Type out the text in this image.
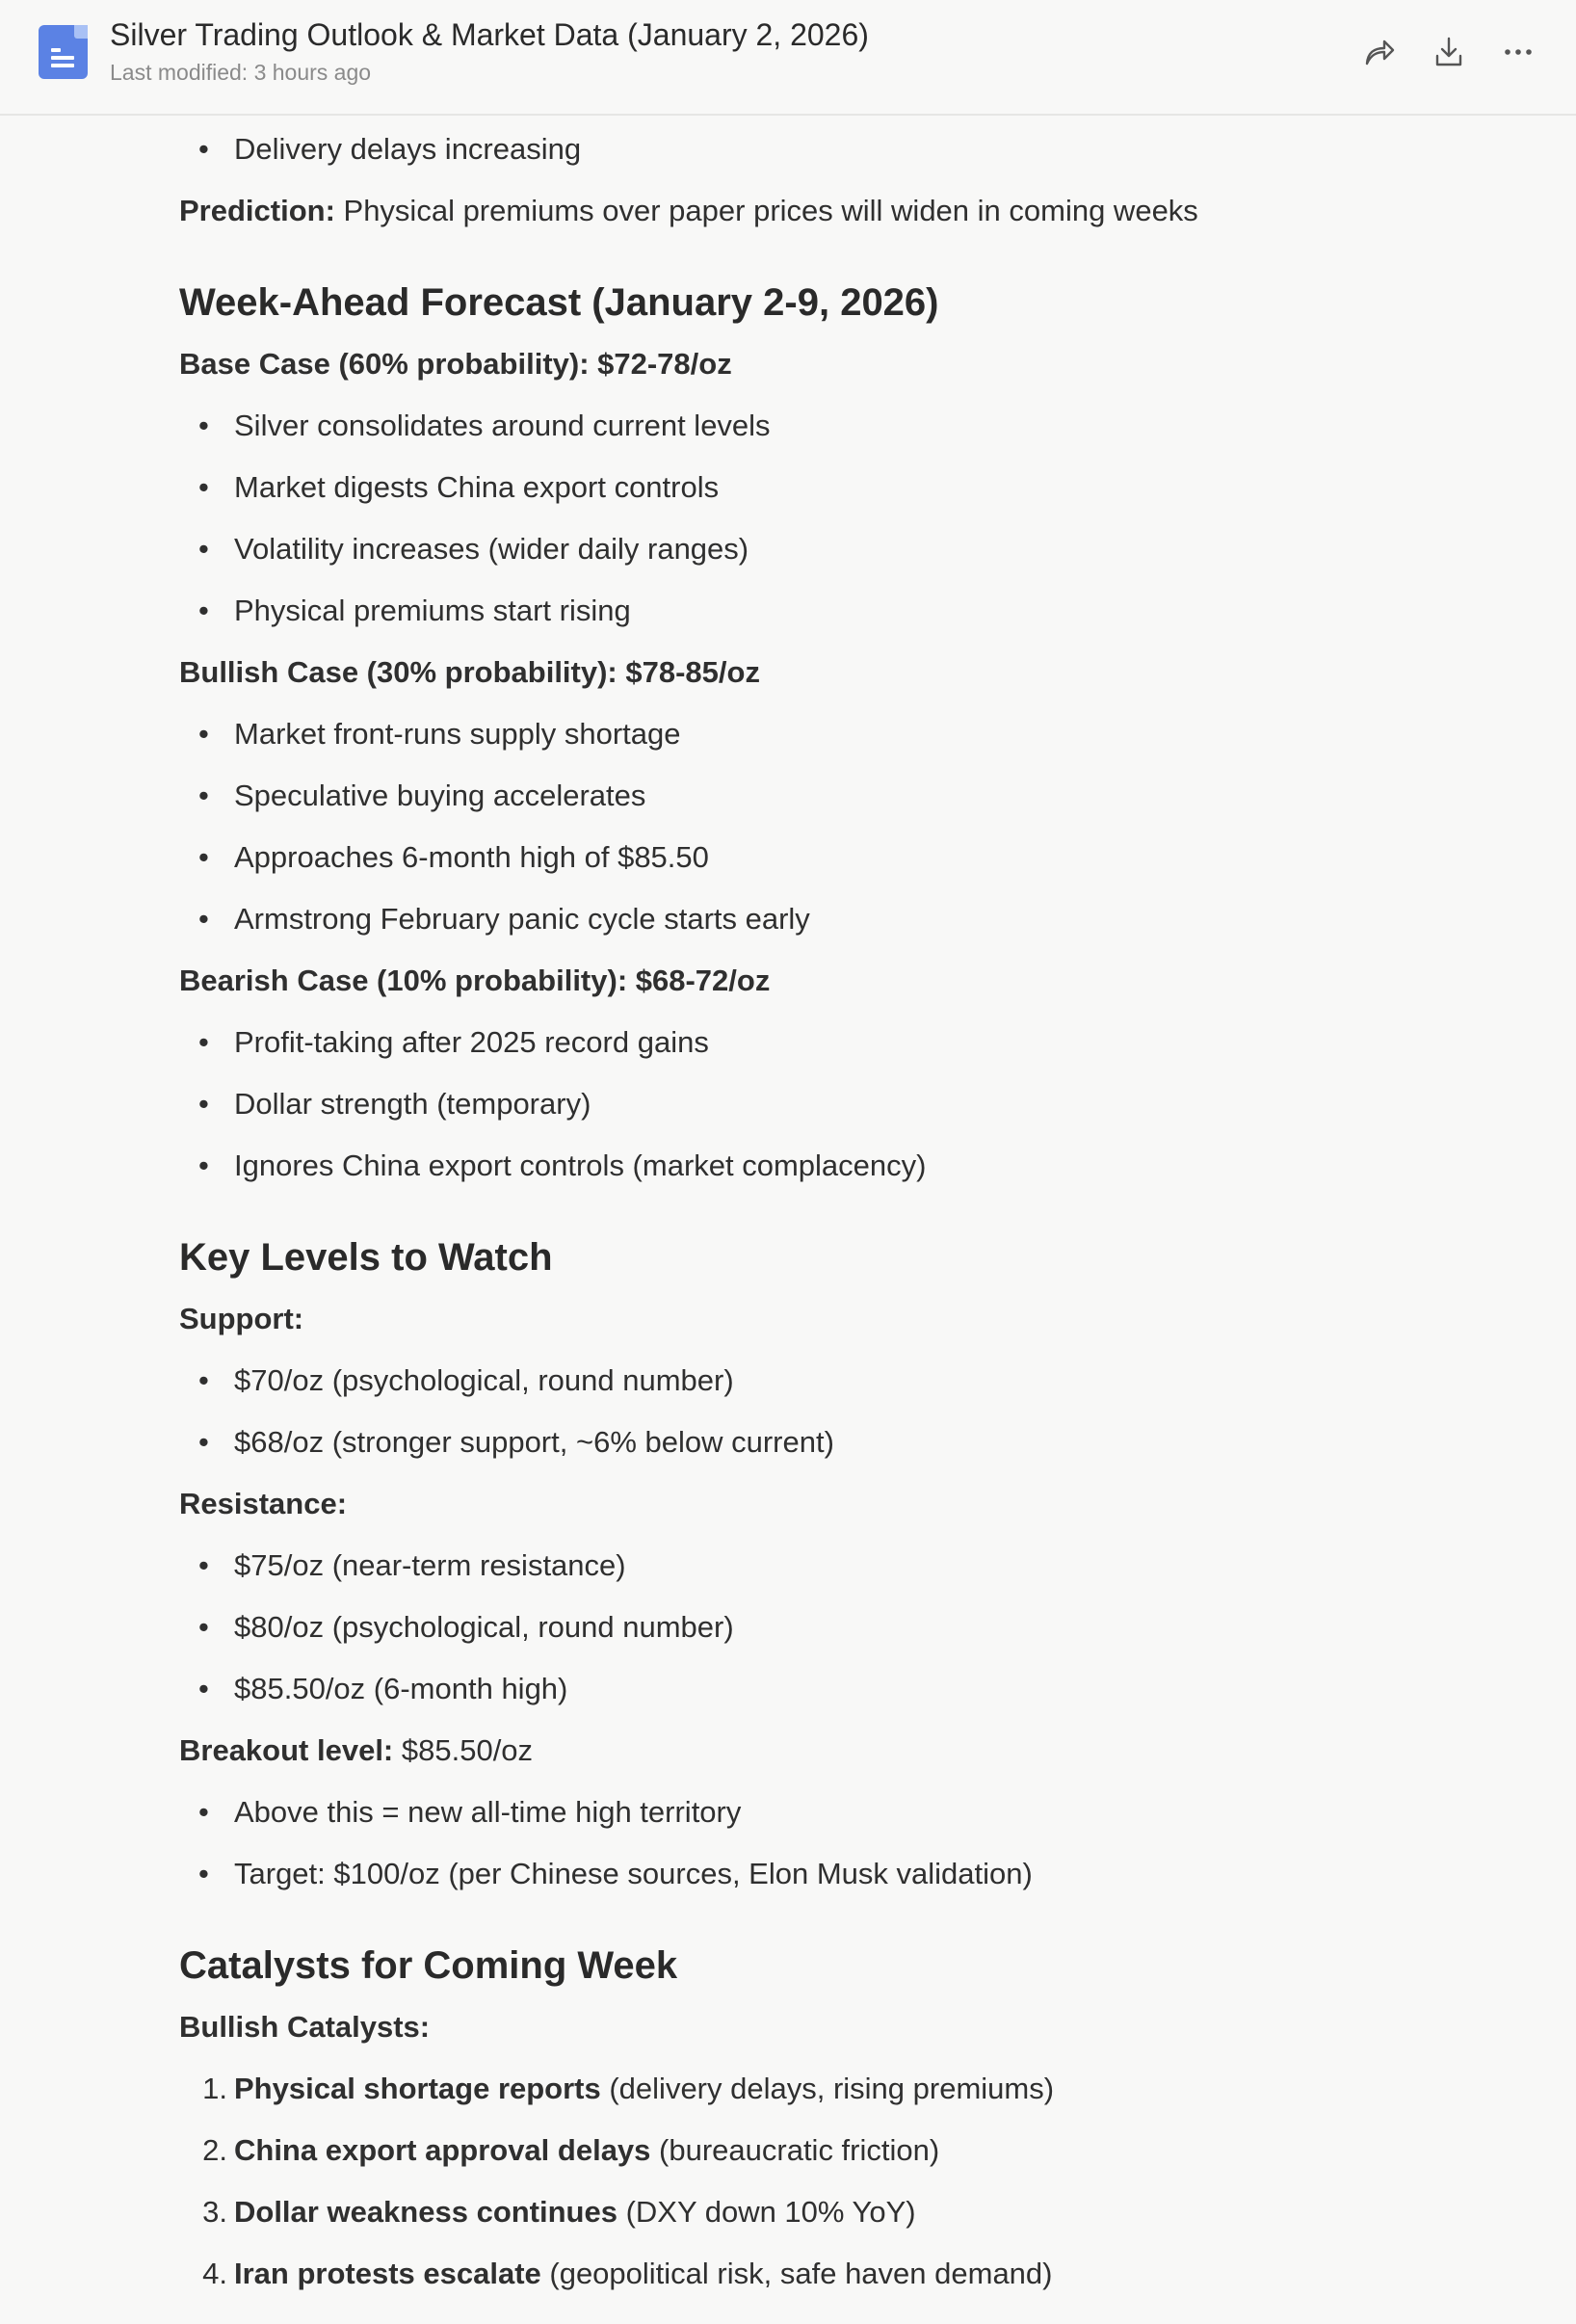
Silver Trading Outlook & Market Data (January 2, 2026)
Last modified: 3 hours ago
• Delivery delays increasing
Prediction: Physical premiums over paper prices will widen in coming weeks
Week-Ahead Forecast (January 2-9, 2026)
Base Case (60% probability): $72-78/oz
• Silver consolidates around current levels
• Market digests China export controls
• Volatility increases (wider daily ranges)
• Physical premiums start rising
Bullish Case (30% probability): $78-85/oz
• Market front-runs supply shortage
• Speculative buying accelerates
• Approaches 6-month high of $85.50
• Armstrong February panic cycle starts early
Bearish Case (10% probability): $68-72/oz
• Profit-taking after 2025 record gains
• Dollar strength (temporary)
• Ignores China export controls (market complacency)
Key Levels to Watch
Support:
• $70/oz (psychological, round number)
• $68/oz (stronger support, ~6% below current)
Resistance:
• $75/oz (near-term resistance)
• $80/oz (psychological, round number)
• $85.50/oz (6-month high)
Breakout level: $85.50/oz
• Above this = new all-time high territory
• Target: $100/oz (per Chinese sources, Elon Musk validation)
Catalysts for Coming Week
Bullish Catalysts:
1. Physical shortage reports (delivery delays, rising premiums)
2. China export approval delays (bureaucratic friction)
3. Dollar weakness continues (DXY down 10% YoY)
4. Iran protests escalate (geopolitical risk, safe haven demand)
